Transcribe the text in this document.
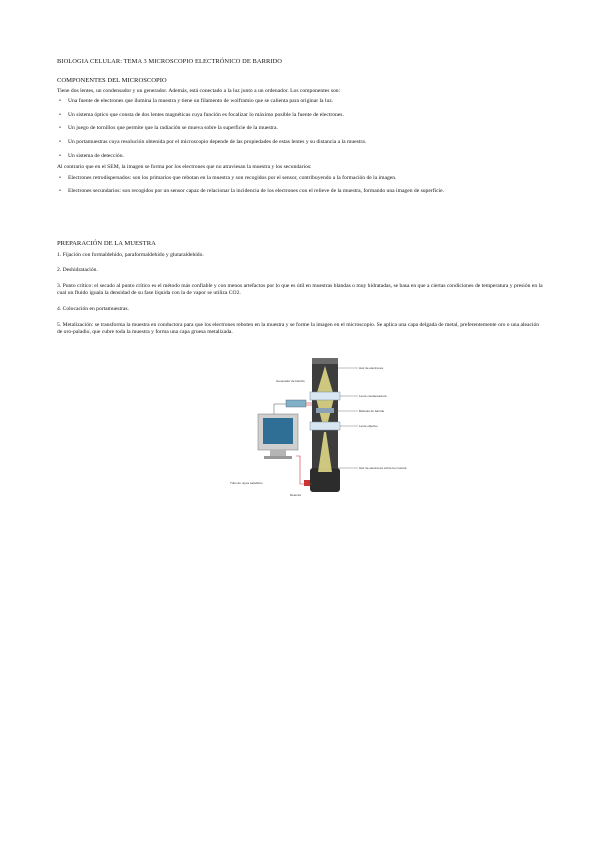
BIOLOGIA CELULAR: TEMA 3 MICROSCOPIO ELECTRÓNICO DE BARRIDO

COMPONENTES DEL MICROSCOPIO

Tiene dos lentes, un condensador y un generador. Además, está conectado a la luz junto a un ordenador. Los componentes son:

• Una fuente de electrones que ilumina la muestra y tiene un filamento de wolframio que se calienta para originar la luz.
• Un sistema óptico que consta de dos lentes magnéticas cuya función es focalizar lo máximo posible la fuente de electrones.
• Un juego de tornillos que permite que la radiación se mueva sobre la superficie de la muestra.
• Un portamuestras cuya resolución obtenida por el microscopio depende de las propiedades de estas lentes y su distancia a la muestra.
• Un sistema de detección.

Al contrario que en el SEM, la imagen se forma por los electrones que no atraviesan la muestra y los secundarios:

• Electrones retrodispersados: son los primarios que rebotan en la muestra y son recogidos por el sensor, contribuyendo a la formación de la imagen.
• Electrones secundarios: son recogidos por un sensor capaz de relacionar la incidencia de los electrones con el relieve de la muestra, formando una imagen de superficie.

PREPARACIÓN DE LA MUESTRA

1. Fijación con formaldehído, paraformaldehído y glutaraldehído.

2. Deshidratación.

3. Punto crítico: el secado al punto crítico es el método más confiable y con menos artefactos por lo que es útil en muestras blandas o muy hidratadas, se basa en que a ciertas condiciones de temperatura y presión en la cual un fluido iguala la densidad de su fase líquida con la de vapor se utiliza CO2.

4. Colocación en portamuestras.

5. Metalización: se transforma la muestra en conductora para que los electrones reboten en la muestra y se forme la imagen en el microscopio. Se aplica una capa delgada de metal, preferentemente oro o una aleación de oro-paladio, que cubre toda la muestra y forma una capa gruesa metalizada.

Haz de electrones
Lente condensadora
Bobinas de barrido
Lente objetivo
Haz de electrones sobre la muestra
Generador de barrido
Detector
Tubo de rayos catódicos
